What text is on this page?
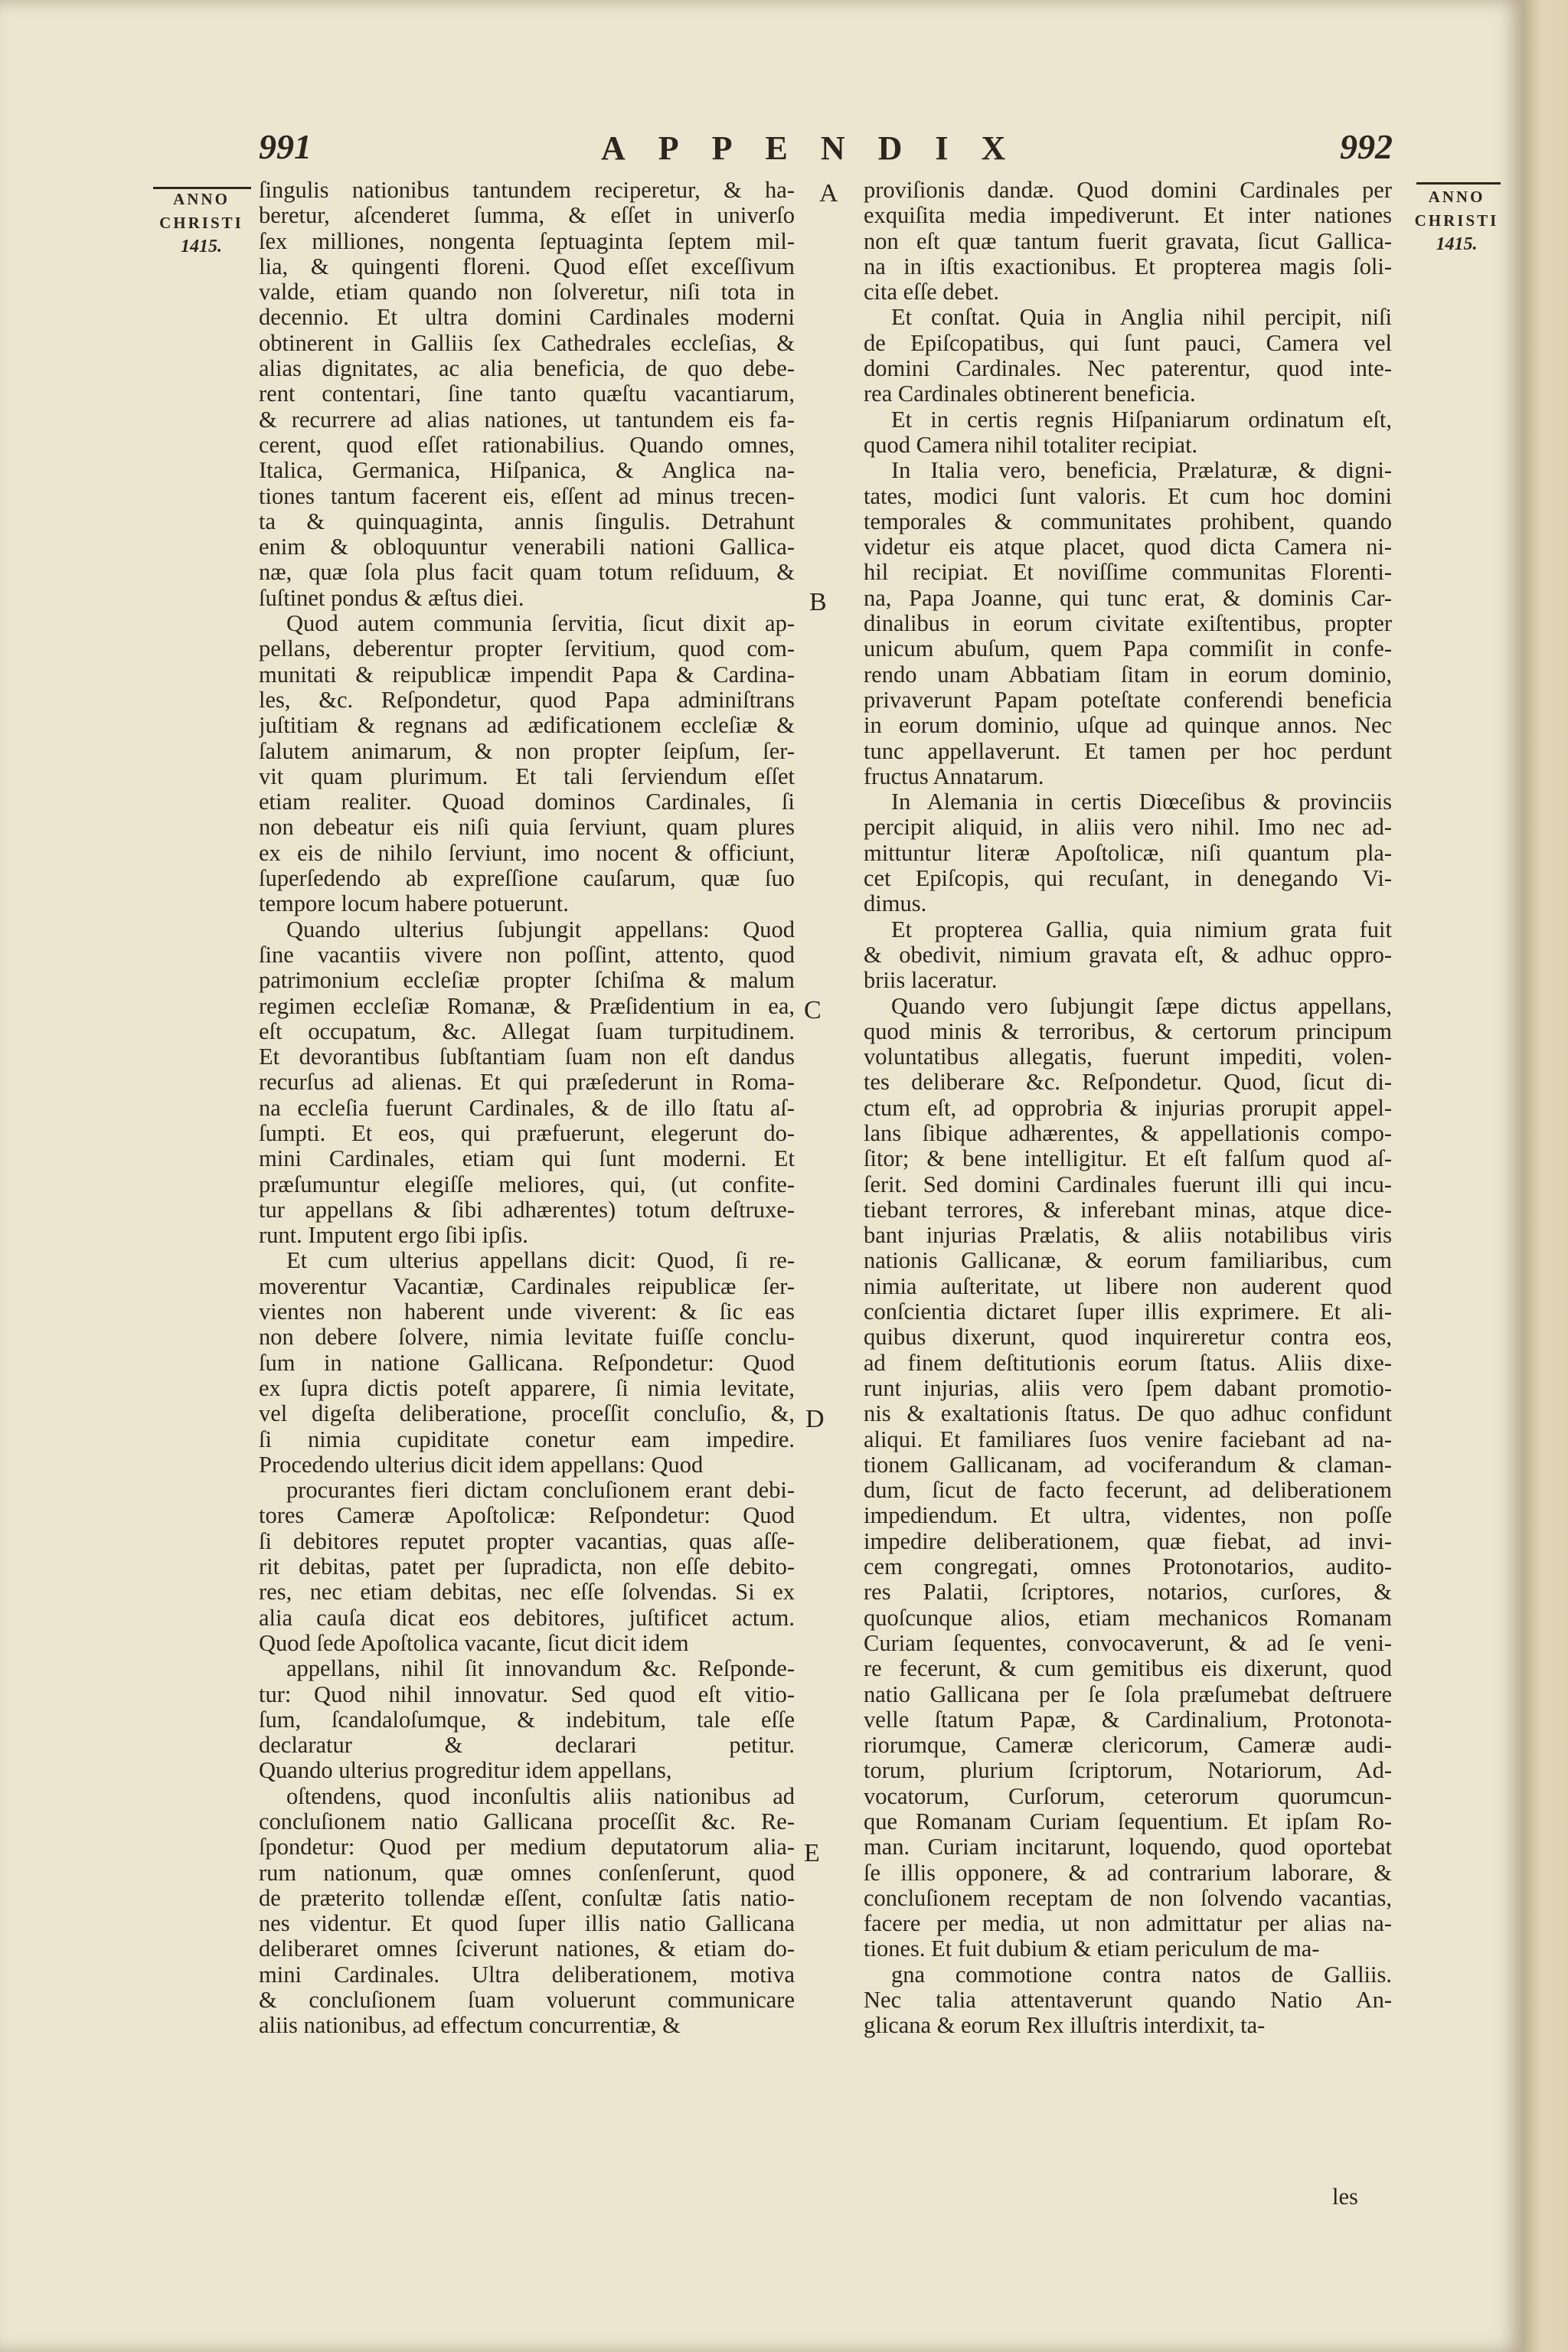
991	APPENDIX	992
ANNO
CHRISTI
1415.
ANNO
CHRISTI
1415.
ſingulis nationibus tantundem reciperetur, & ha-
beretur, aſcenderet ſumma, & eſſet in univerſo
ſex milliones, nongenta ſeptuaginta ſeptem mil-
lia, & quingenti floreni. Quod eſſet exceſſivum
valde, etiam quando non ſolveretur, niſi tota in
decennio. Et ultra domini Cardinales moderni
obtinerent in Galliis ſex Cathedrales eccleſias, &
alias dignitates, ac alia beneficia, de quo debe-
rent contentari, ſine tanto quæſtu vacantiarum,
& recurrere ad alias nationes, ut tantundem eis fa-
cerent, quod eſſet rationabilius. Quando omnes,
Italica, Germanica, Hiſpanica, & Anglica na-
tiones tantum facerent eis, eſſent ad minus trecen-
ta & quinquaginta, annis ſingulis. Detrahunt
enim & obloquuntur venerabili nationi Gallica-
næ, quæ ſola plus facit quam totum reſiduum, &
ſuſtinet pondus & æſtus diei.
Quod autem communia ſervitia, ſicut dixit ap-
pellans, deberentur propter ſervitium, quod com-
munitati & reipublicæ impendit Papa & Cardina-
les, &c. Reſpondetur, quod Papa adminiſtrans
juſtitiam & regnans ad ædificationem eccleſiæ &
ſalutem animarum, & non propter ſeipſum, ſer-
vit quam plurimum. Et tali ſerviendum eſſet
etiam realiter. Quoad dominos Cardinales, ſi
non debeatur eis niſi quia ſerviunt, quam plures
ex eis de nihilo ſerviunt, imo nocent & officiunt,
ſuperſedendo ab expreſſione cauſarum, quæ ſuo
tempore locum habere potuerunt.
Quando ulterius ſubjungit appellans: Quod
ſine vacantiis vivere non poſſint, attento, quod
patrimonium eccleſiæ propter ſchiſma & malum
regimen eccleſiæ Romanæ, & Præſidentium in ea,
eſt occupatum, &c. Allegat ſuam turpitudinem.
Et devorantibus ſubſtantiam ſuam non eſt dandus
recurſus ad alienas. Et qui præſederunt in Roma-
na eccleſia fuerunt Cardinales, & de illo ſtatu aſ-
ſumpti. Et eos, qui præfuerunt, elegerunt do-
mini Cardinales, etiam qui ſunt moderni. Et
præſumuntur elegiſſe meliores, qui, (ut confite-
tur appellans & ſibi adhærentes) totum deſtruxe-
runt. Imputent ergo ſibi ipſis.
Et cum ulterius appellans dicit: Quod, ſi re-
moverentur Vacantiæ, Cardinales reipublicæ ſer-
vientes non haberent unde viverent: & ſic eas
non debere ſolvere, nimia levitate fuiſſe conclu-
ſum in natione Gallicana. Reſpondetur: Quod
ex ſupra dictis poteſt apparere, ſi nimia levitate,
vel digeſta deliberatione, proceſſit concluſio, &,
ſi nimia cupiditate conetur eam impedire.
Procedendo ulterius dicit idem appellans: Quod
procurantes fieri dictam concluſionem erant debi-
tores Cameræ Apoſtolicæ: Reſpondetur: Quod
ſi debitores reputet propter vacantias, quas aſſe-
rit debitas, patet per ſupradicta, non eſſe debito-
res, nec etiam debitas, nec eſſe ſolvendas. Si ex
alia cauſa dicat eos debitores, juſtificet actum.
Quod ſede Apoſtolica vacante, ſicut dicit idem
appellans, nihil ſit innovandum &c. Reſponde-
tur: Quod nihil innovatur. Sed quod eſt vitio-
ſum, ſcandaloſumque, & indebitum, tale eſſe
declaratur & declarari petitur.
Quando ulterius progreditur idem appellans,
oſtendens, quod inconſultis aliis nationibus ad
concluſionem natio Gallicana proceſſit &c. Re-
ſpondetur: Quod per medium deputatorum alia-
rum nationum, quæ omnes conſenſerunt, quod
de præterito tollendæ eſſent, conſultæ ſatis natio-
nes videntur. Et quod ſuper illis natio Gallicana
deliberaret omnes ſciverunt nationes, & etiam do-
mini Cardinales. Ultra deliberationem, motiva
& concluſionem ſuam voluerunt communicare
aliis nationibus, ad effectum concurrentiæ, &
proviſionis dandæ. Quod domini Cardinales per
exquiſita media impediverunt. Et inter nationes
non eſt quæ tantum fuerit gravata, ſicut Gallica-
na in iſtis exactionibus. Et propterea magis ſoli-
cita eſſe debet.
Et conſtat. Quia in Anglia nihil percipit, niſi
de Epiſcopatibus, qui ſunt pauci, Camera vel
domini Cardinales. Nec paterentur, quod inte-
rea Cardinales obtinerent beneficia.
Et in certis regnis Hiſpaniarum ordinatum eſt,
quod Camera nihil totaliter recipiat.
In Italia vero, beneficia, Prælaturæ, & digni-
tates, modici ſunt valoris. Et cum hoc domini
temporales & communitates prohibent, quando
videtur eis atque placet, quod dicta Camera ni-
hil recipiat. Et noviſſime communitas Florenti-
na, Papa Joanne, qui tunc erat, & dominis Car-
dinalibus in eorum civitate exiſtentibus, propter
unicum abuſum, quem Papa commiſit in confe-
rendo unam Abbatiam ſitam in eorum dominio,
privaverunt Papam poteſtate conferendi beneficia
in eorum dominio, uſque ad quinque annos. Nec
tunc appellaverunt. Et tamen per hoc perdunt
fructus Annatarum.
In Alemania in certis Diœceſibus & provinciis
percipit aliquid, in aliis vero nihil. Imo nec ad-
mittuntur literæ Apoſtolicæ, niſi quantum pla-
cet Epiſcopis, qui recuſant, in denegando Vi-
dimus.
Et propterea Gallia, quia nimium grata fuit
& obedivit, nimium gravata eſt, & adhuc oppro-
briis laceratur.
Quando vero ſubjungit ſæpe dictus appellans,
quod minis & terroribus, & certorum principum
voluntatibus allegatis, fuerunt impediti, volen-
tes deliberare &c. Reſpondetur. Quod, ſicut di-
ctum eſt, ad opprobria & injurias prorupit appel-
lans ſibique adhærentes, & appellationis compo-
ſitor; & bene intelligitur. Et eſt falſum quod aſ-
ſerit. Sed domini Cardinales fuerunt illi qui incu-
tiebant terrores, & inferebant minas, atque dice-
bant injurias Prælatis, & aliis notabilibus viris
nationis Gallicanæ, & eorum familiaribus, cum
nimia auſteritate, ut libere non auderent quod
conſcientia dictaret ſuper illis exprimere. Et ali-
quibus dixerunt, quod inquireretur contra eos,
ad finem deſtitutionis eorum ſtatus. Aliis dixe-
runt injurias, aliis vero ſpem dabant promotio-
nis & exaltationis ſtatus. De quo adhuc confidunt
aliqui. Et familiares ſuos venire faciebant ad na-
tionem Gallicanam, ad vociferandum & claman-
dum, ſicut de facto fecerunt, ad deliberationem
impediendum. Et ultra, videntes, non poſſe
impedire deliberationem, quæ fiebat, ad invi-
cem congregati, omnes Protonotarios, audito-
res Palatii, ſcriptores, notarios, curſores, &
quoſcunque alios, etiam mechanicos Romanam
Curiam ſequentes, convocaverunt, & ad ſe veni-
re fecerunt, & cum gemitibus eis dixerunt, quod
natio Gallicana per ſe ſola præſumebat deſtruere
velle ſtatum Papæ, & Cardinalium, Protonota-
riorumque, Cameræ clericorum, Cameræ audi-
torum, plurium ſcriptorum, Notariorum, Ad-
vocatorum, Curſorum, ceterorum quorumcun-
que Romanam Curiam ſequentium. Et ipſam Ro-
man. Curiam incitarunt, loquendo, quod oportebat
ſe illis opponere, & ad contrarium laborare, &
concluſionem receptam de non ſolvendo vacantias,
facere per media, ut non admittatur per alias na-
tiones. Et fuit dubium & etiam periculum de ma-
gna commotione contra natos de Galliis.
Nec talia attentaverunt quando Natio An-
glicana & eorum Rex illuſtris interdixit, ta-
A
B
C
D
E
les
